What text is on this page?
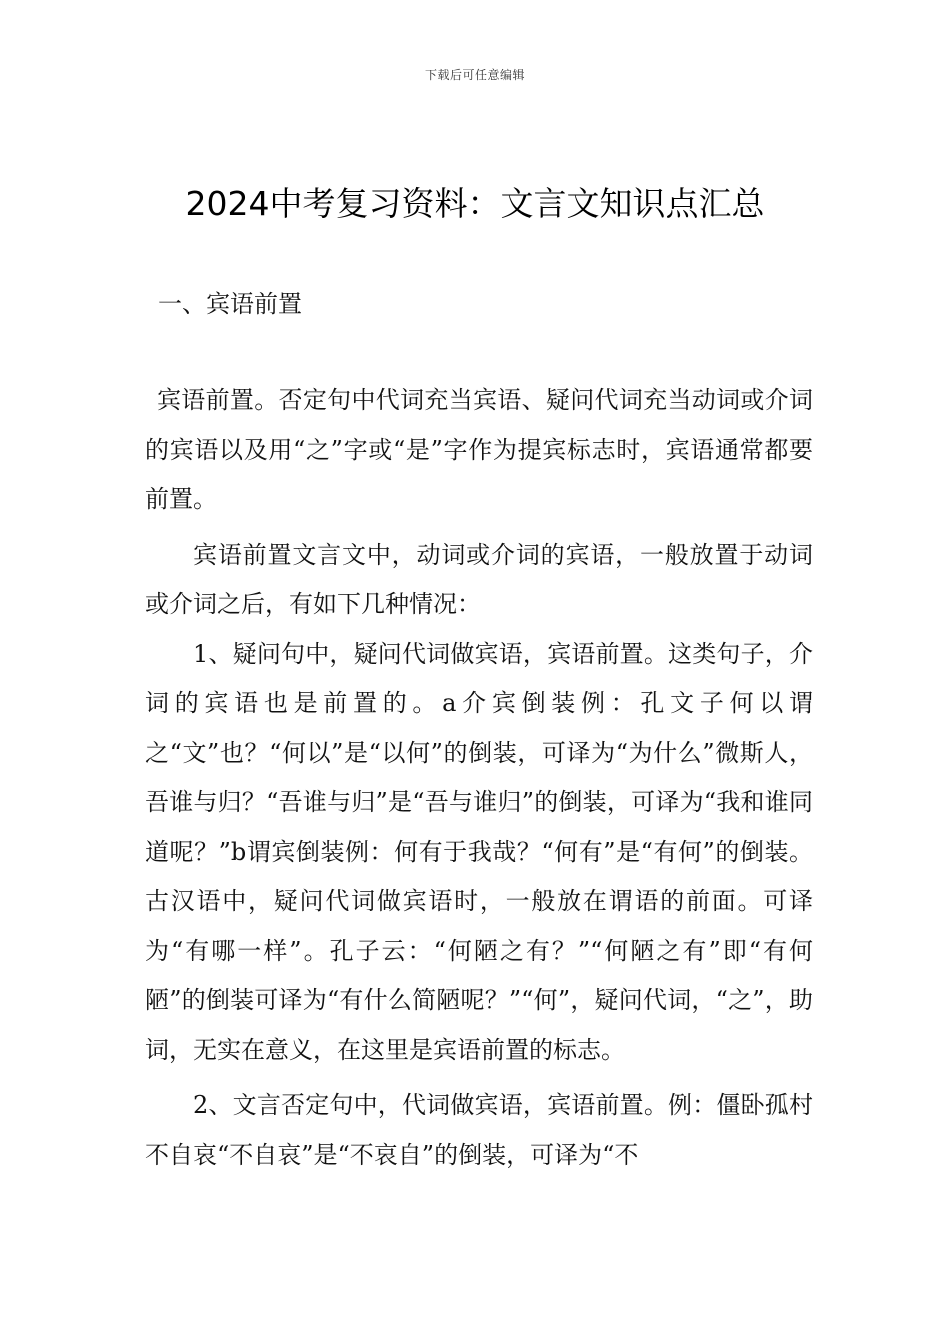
下载后可任意编辑
2024中考复习资料：文言文知识点汇总
一、宾语前置

宾语前置。否定句中代词充当宾语、疑问代词充当动词或介词的宾语以及用“之”字或“是”字作为提宾标志时，宾语通常都要前置。

宾语前置文言文中，动词或介词的宾语，一般放置于动词或介词之后，有如下几种情况：

1、疑问句中，疑问代词做宾语，宾语前置。这类句子，介词的宾语也是前置的。a介宾倒装例：孔文子何以谓之“文”也？“何以”是“以何”的倒装，可译为“为什么”微斯人，吾谁与归？“吾谁与归”是“吾与谁归”的倒装，可译为“我和谁同道呢？”b谓宾倒装例：何有于我哉？“何有”是“有何”的倒装。古汉语中，疑问代词做宾语时，一般放在谓语的前面。可译为“有哪一样”。孔子云：“何陋之有？”“何陋之有”即“有何陋”的倒装可译为“有什么简陋呢？”“何”，疑问代词，“之”，助词，无实在意义，在这里是宾语前置的标志。

2、文言否定句中，代词做宾语，宾语前置。例：僵卧孤村不自哀“不自哀”是“不哀自”的倒装，可译为“不
